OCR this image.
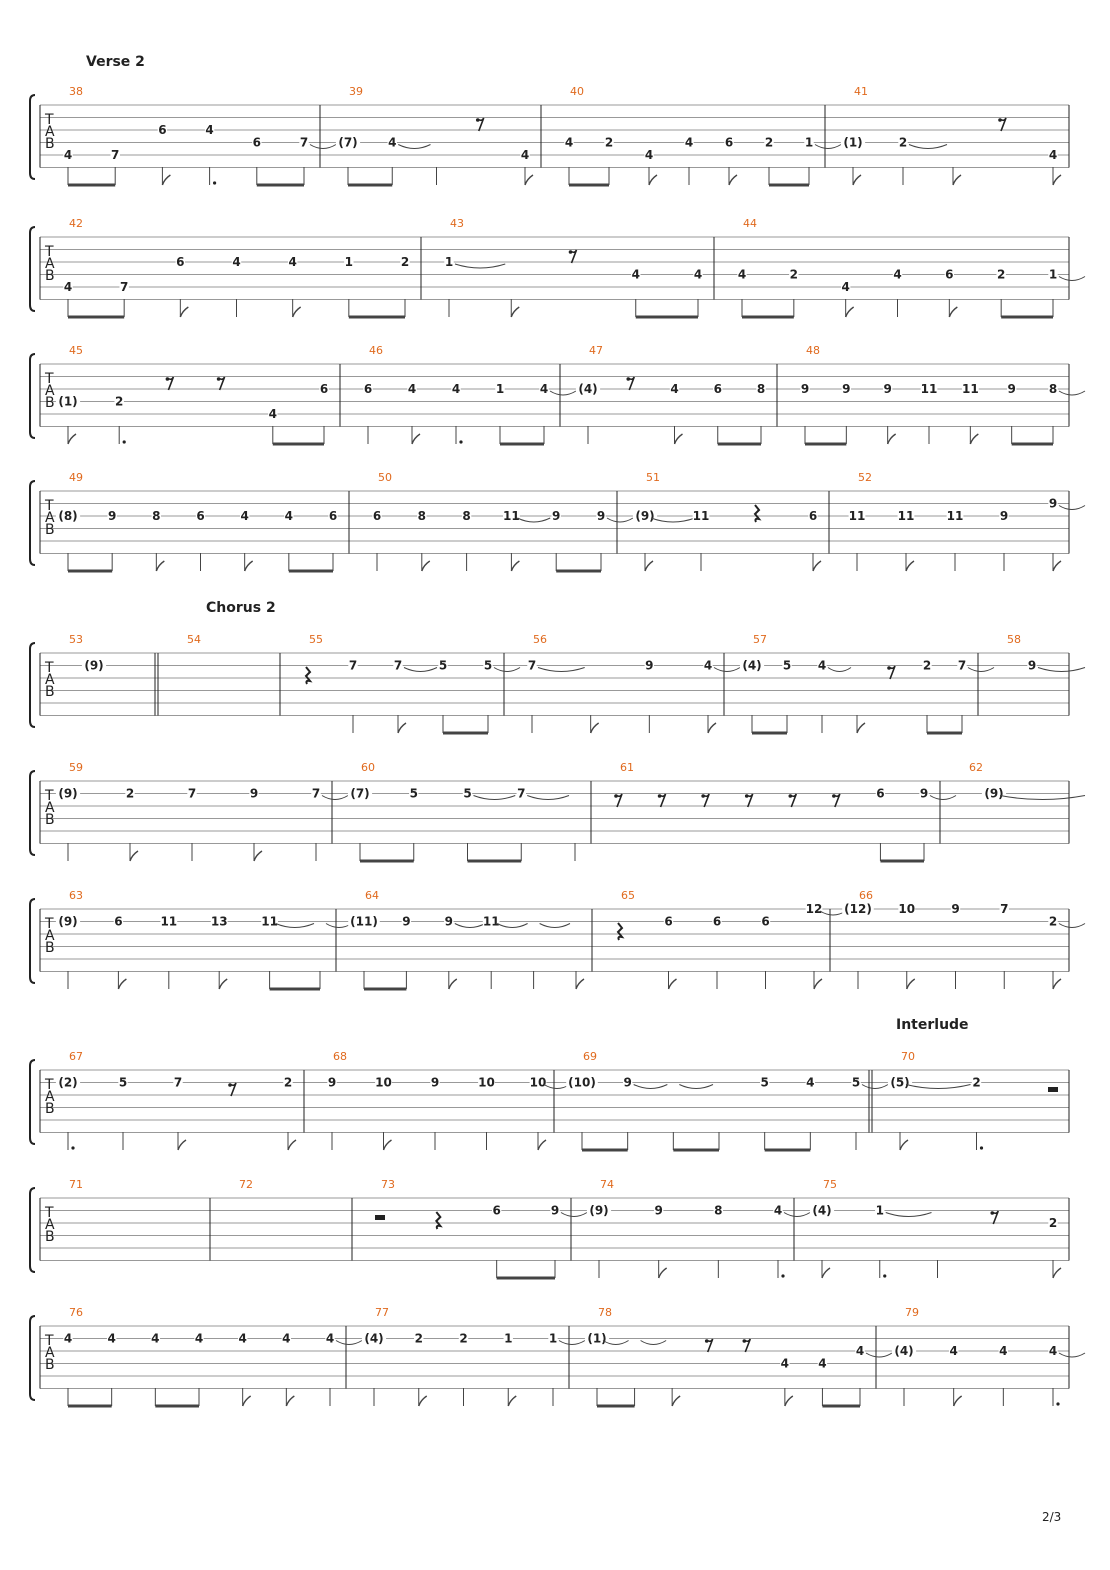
T
A
B
38
4	7
6	4
6	7
39
(7)	4
4
40
4	2
4
4	6	2	1
41
(1)	2
4
T
A
B
42
4	7
6	4	4	1	2
43
1
4	4
44
4	2
4
4	6	2	1
T
A
B
45
(1)	2
4
6
46
6	4	4	1	4
47
(4)	4	6	8
48
9	9	9 11 11 9	8
T
A
B
49
(8)	9	8	6	4	4	6
50
6	8	8	11	9	9
51
(9)	11	6
52
11	11	11	9
9
T
A
B
53
(9)
54	55
7	7	5	5
56
7	9	4
57
(4) 5 4	2 7
58
9
T
A
B
59
(9)	2	7	9	7
60
(7)	5	5	7
61
6	9
62
(9)
T
A
B
63
(9)	6	11	13	11
64
(11) 9	9 11
65
6	6	6
12
66
(12) 10	9	7
2
T
A
B
67
(2)	5	7	2
68
9	10	9	10	10
69
(10) 9	5	4	5
70
(5)	2
T
A
B
71	72	73
6	9
74
(9)	9	8	4
75
(4)	1
2
T
A
B
76
4	4	4	4	4	4	4
77
(4)	2	2	1	1
78
(1)
4 4
4
79
(4)	4	4	4
Verse 2
Chorus 2
Interlude
2/3
